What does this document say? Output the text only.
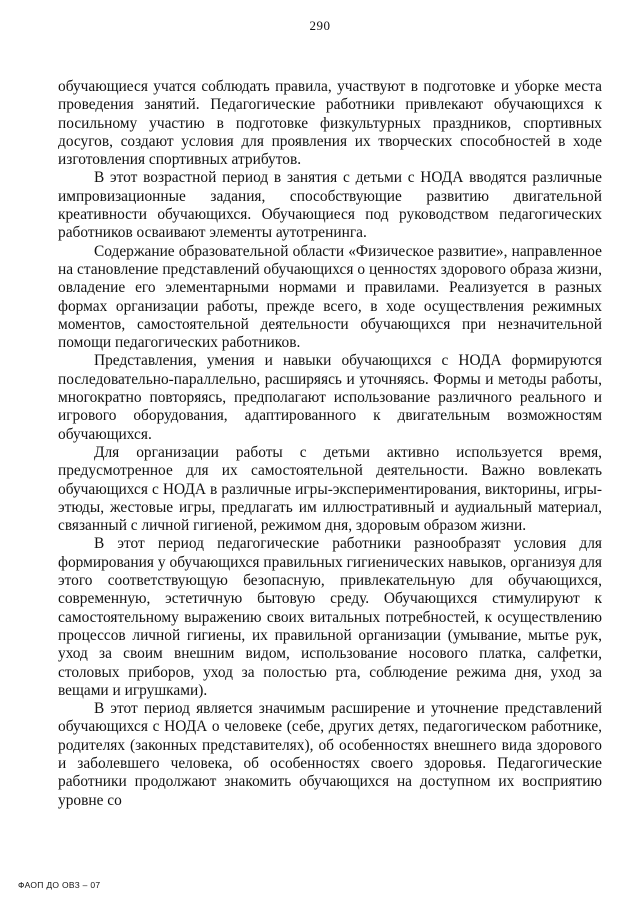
290

обучающиеся учатся соблюдать правила, участвуют в подготовке и уборке места проведения занятий. Педагогические работники привлекают обучающихся к посильному участию в подготовке физкультурных праздников, спортивных досугов, создают условия для проявления их творческих способностей в ходе изготовления спортивных атрибутов.

В этот возрастной период в занятия с детьми с НОДА вводятся различные импровизационные задания, способствующие развитию двигательной креативности обучающихся. Обучающиеся под руководством педагогических работников осваивают элементы аутотренинга.

Содержание образовательной области «Физическое развитие», направленное на становление представлений обучающихся о ценностях здорового образа жизни, овладение его элементарными нормами и правилами. Реализуется в разных формах организации работы, прежде всего, в ходе осуществления режимных моментов, самостоятельной деятельности обучающихся при незначительной помощи педагогических работников.

Представления, умения и навыки обучающихся с НОДА формируются последовательно-параллельно, расширяясь и уточняясь. Формы и методы работы, многократно повторяясь, предполагают использование различного реального и игрового оборудования, адаптированного к двигательным возможностям обучающихся.

Для организации работы с детьми активно используется время, предусмотренное для их самостоятельной деятельности. Важно вовлекать обучающихся с НОДА в различные игры-экспериментирования, викторины, игры-этюды, жестовые игры, предлагать им иллюстративный и аудиальный материал, связанный с личной гигиеной, режимом дня, здоровым образом жизни.

В этот период педагогические работники разнообразят условия для формирования у обучающихся правильных гигиенических навыков, организуя для этого соответствующую безопасную, привлекательную для обучающихся, современную, эстетичную бытовую среду. Обучающихся стимулируют к самостоятельному выражению своих витальных потребностей, к осуществлению процессов личной гигиены, их правильной организации (умывание, мытье рук, уход за своим внешним видом, использование носового платка, салфетки, столовых приборов, уход за полостью рта, соблюдение режима дня, уход за вещами и игрушками).

В этот период является значимым расширение и уточнение представлений обучающихся с НОДА о человеке (себе, других детях, педагогическом работнике, родителях (законных представителях), об особенностях внешнего вида здорового и заболевшего человека, об особенностях своего здоровья. Педагогические работники продолжают знакомить обучающихся на доступном их восприятию уровне со

ФАОП ДО ОВЗ – 07
